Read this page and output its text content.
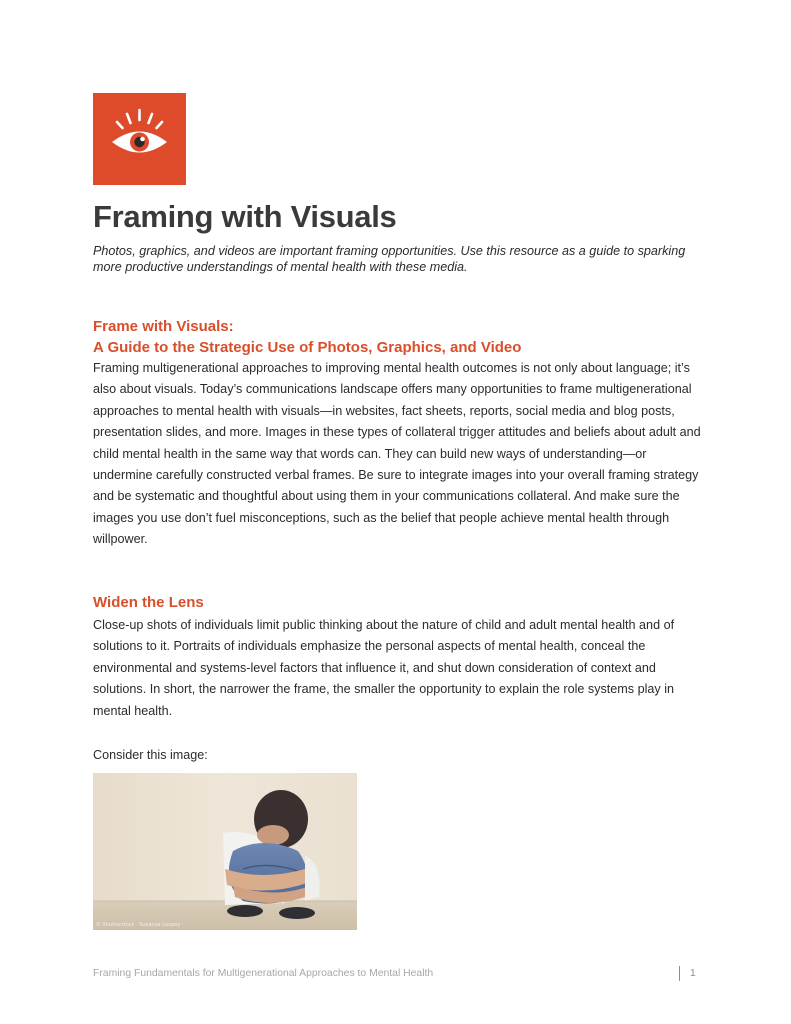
Framing with Visuals

Photos, graphics, and videos are important framing opportunities. Use this resource as a guide to sparking more productive understandings of mental health with these media.

Frame with Visuals:
A Guide to the Strategic Use of Photos, Graphics, and Video

Framing multigenerational approaches to improving mental health outcomes is not only about language; it’s also about visuals. Today’s communications landscape offers many opportunities to frame multigenerational approaches to mental health with visuals—in websites, fact sheets, reports, social media and blog posts, presentation slides, and more. Images in these types of collateral trigger attitudes and beliefs about adult and child mental health in the same way that words can. They can build new ways of understanding—or undermine carefully constructed verbal frames. Be sure to integrate images into your overall framing strategy and be systematic and thoughtful about using them in your communications collateral. And make sure the images you use don’t fuel misconceptions, such as the belief that people achieve mental health through willpower.

Widen the Lens

Close-up shots of individuals limit public thinking about the nature of child and adult mental health and of solutions to it. Portraits of individuals emphasize the personal aspects of mental health, conceal the environmental and systems-level factors that influence it, and shut down consideration of context and solutions. In short, the narrower the frame, the smaller the opportunity to explain the role systems play in mental health.

Consider this image:

© Shutterstock · Sukanya Loupey

Framing Fundamentals for Multigenerational Approaches to Mental Health	1
